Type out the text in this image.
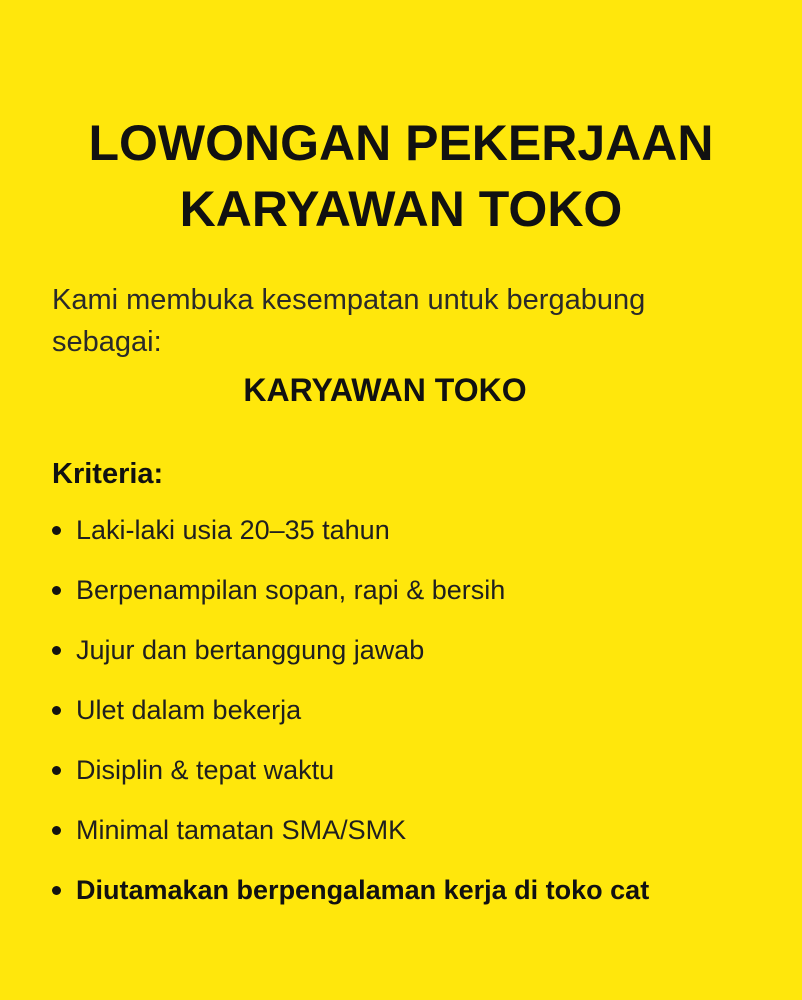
LOWONGAN PEKERJAAN
KARYAWAN TOKO

Kami membuka kesempatan untuk bergabung sebagai:

KARYAWAN TOKO
Kriteria:
Laki-laki usia 20–35 tahun
Berpenampilan sopan, rapi & bersih
Jujur dan bertanggung jawab
Ulet dalam bekerja
Disiplin & tepat waktu
Minimal tamatan SMA/SMK
Diutamakan berpengalaman kerja di toko cat
